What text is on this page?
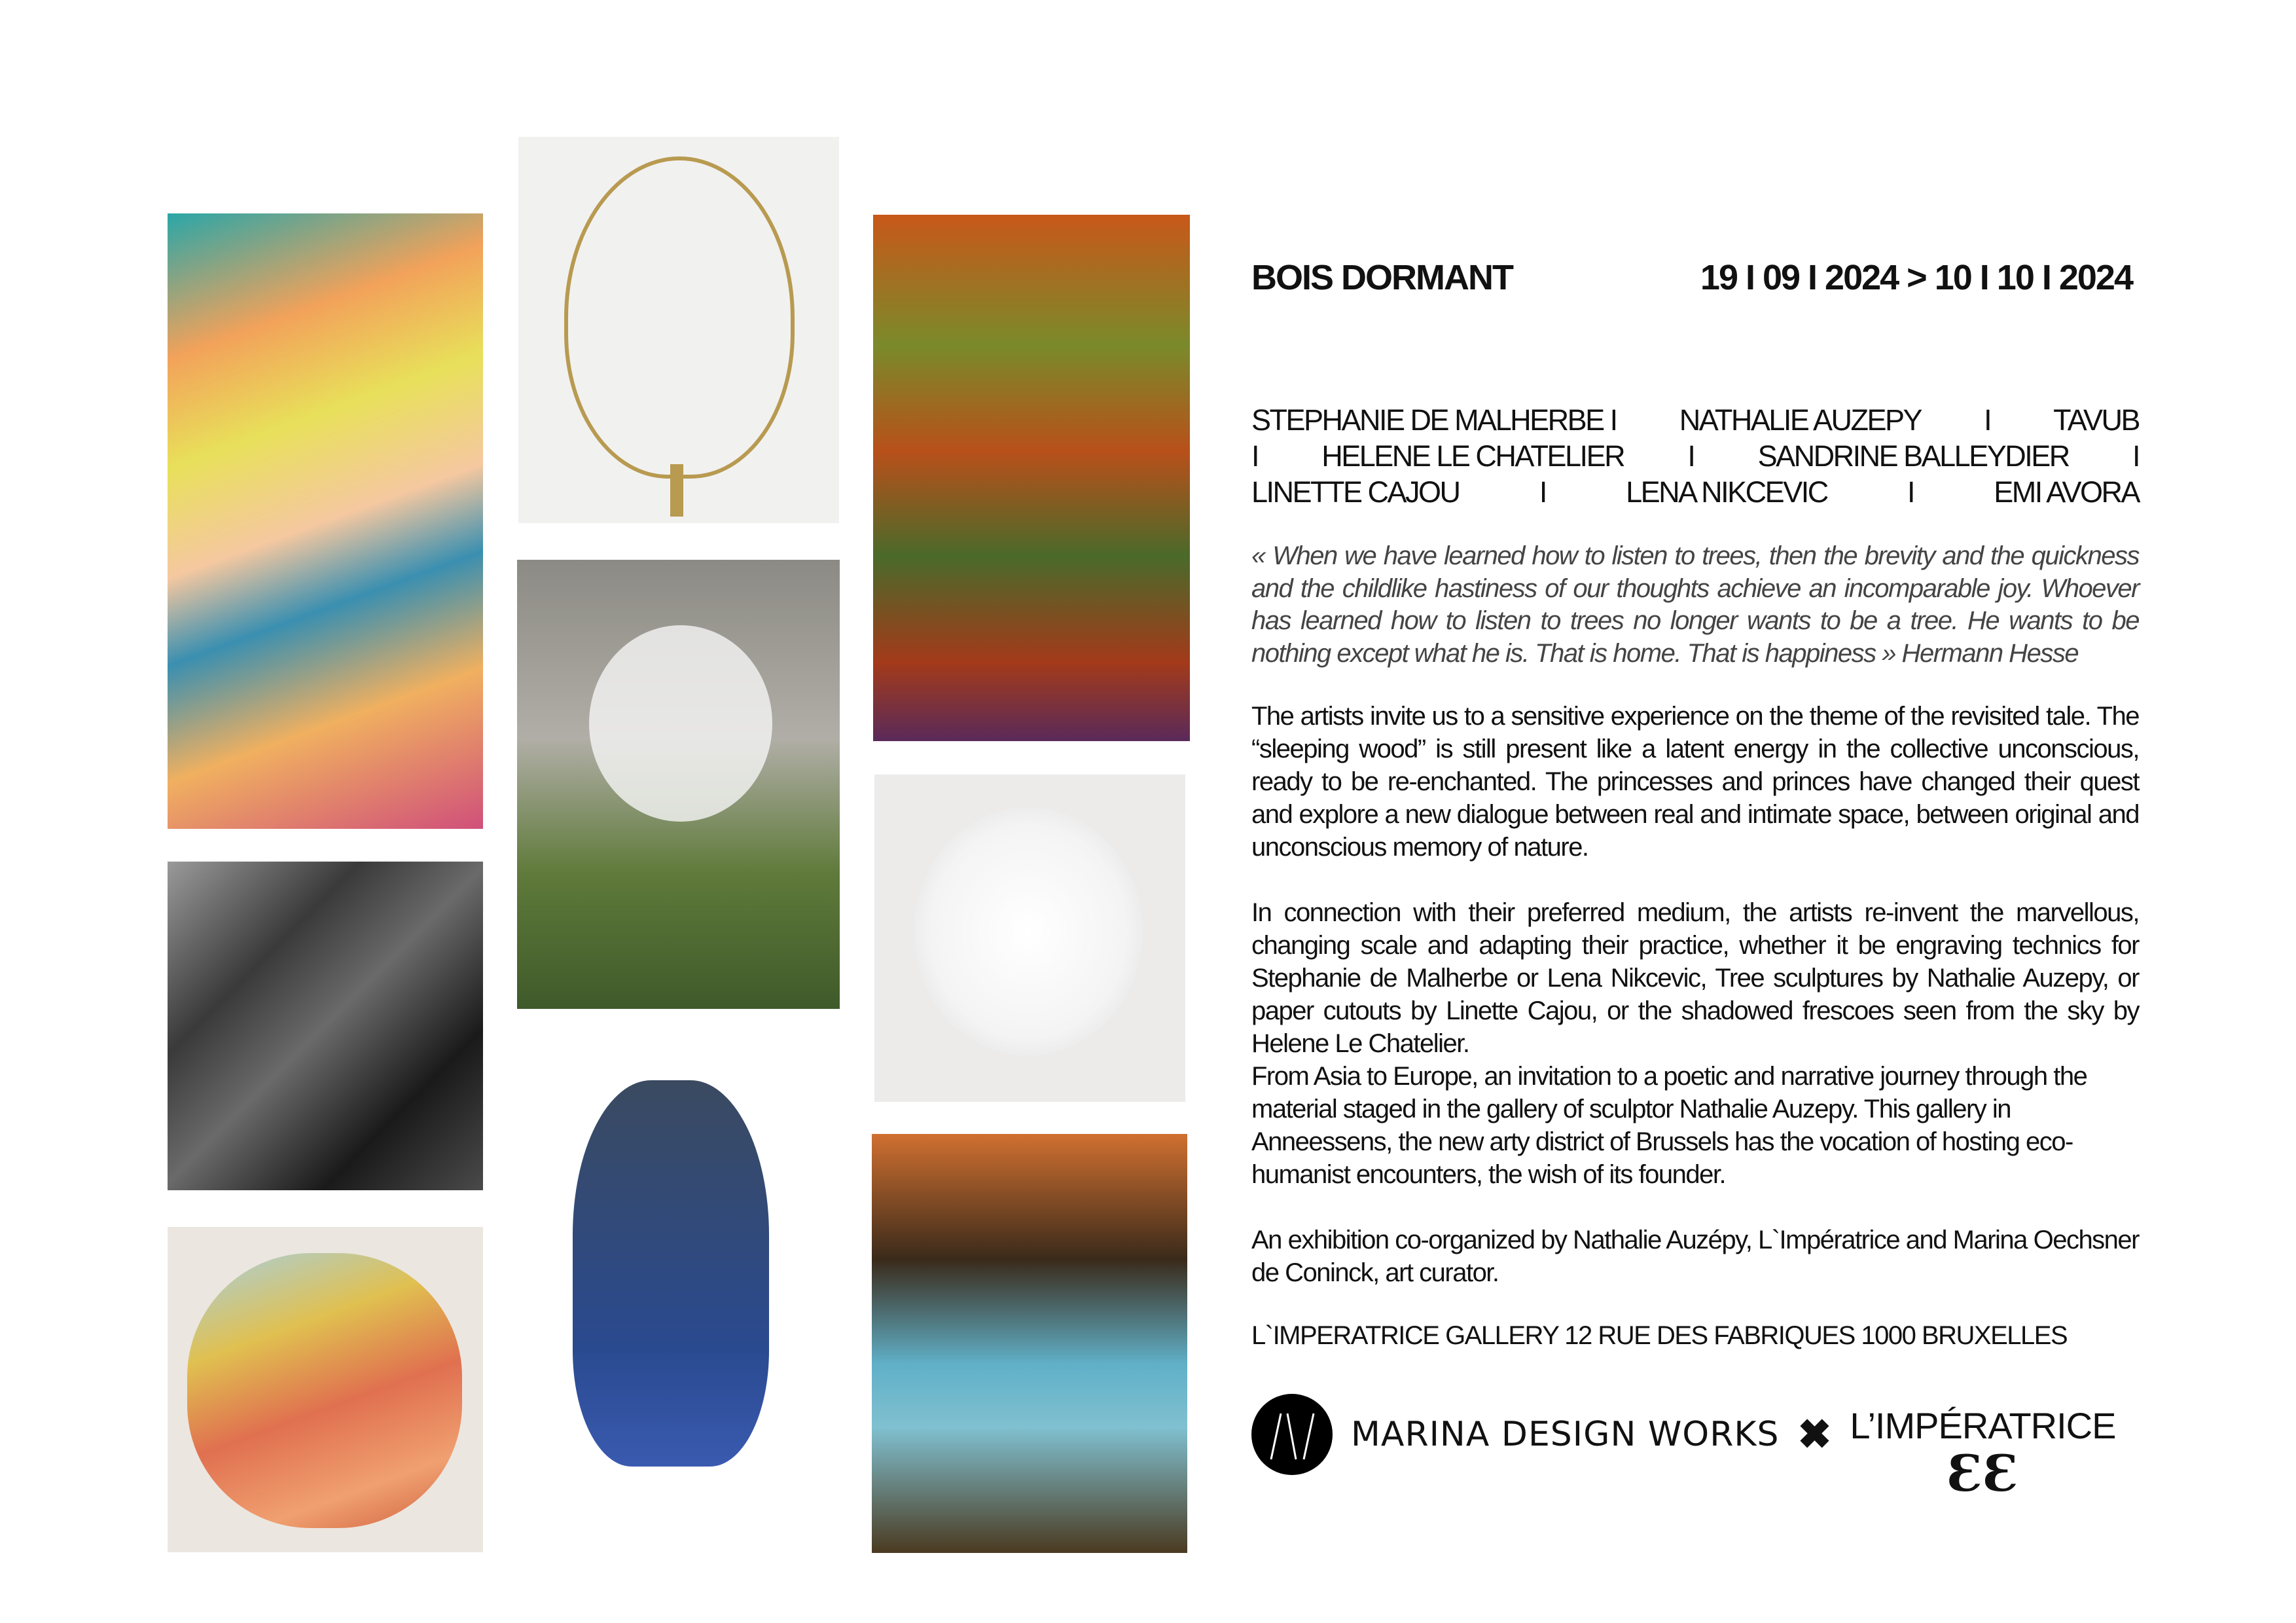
BOIS DORMANT	19 I 09 I 2024 > 10 I 10 I 2024
STEPHANIE DE MALHERBE I NATHALIE AUZEPY I TAVUB
I HELENE LE CHATELIER I SANDRINE BALLEYDIER I
LINETTE CAJOU	I	LENA NIKCEVIC	I	EMI AVORA
« When we have learned how to listen to trees, then the brevity and the quickness and the childlike hastiness of our thoughts achieve an incomparable joy. Whoever has learned how to listen to trees no longer wants to be a tree. He wants to be nothing except what he is. That is home. That is happiness » Hermann Hesse
The artists invite us to a sensitive experience on the theme of the revisited tale. The “sleeping wood” is still present like a latent energy in the collective unconscious, ready to be re-enchanted. The princesses and princes have changed their quest and explore a new dialogue between real and intimate space, between original and unconscious memory of nature.
In connection with their preferred medium, the artists re-invent the marvellous, changing scale and adapting their practice, whether it be engraving technics for Stephanie de Malherbe or Lena Nikcevic, Tree sculptures by Nathalie Auzepy, or paper cutouts by Linette Cajou, or the shadowed frescoes seen from the sky by Helene Le Chatelier.
From Asia to Europe, an invitation to a poetic and narrative journey through the material staged in the gallery of sculptor Nathalie Auzepy. This gallery in Anneessens, the new arty district of Brussels has the vocation of hosting eco-humanist encounters, the wish of its founder.
An exhibition co-organized by Nathalie Auzépy, L`Impératrice and Marina Oechsner de Coninck, art curator.
L`IMPERATRICE GALLERY 12 RUE DES FABRIQUES 1000 BRUXELLES
MARINA DESIGN WORKS ✖ L’IMPÉRATRICE
ƐƐ
